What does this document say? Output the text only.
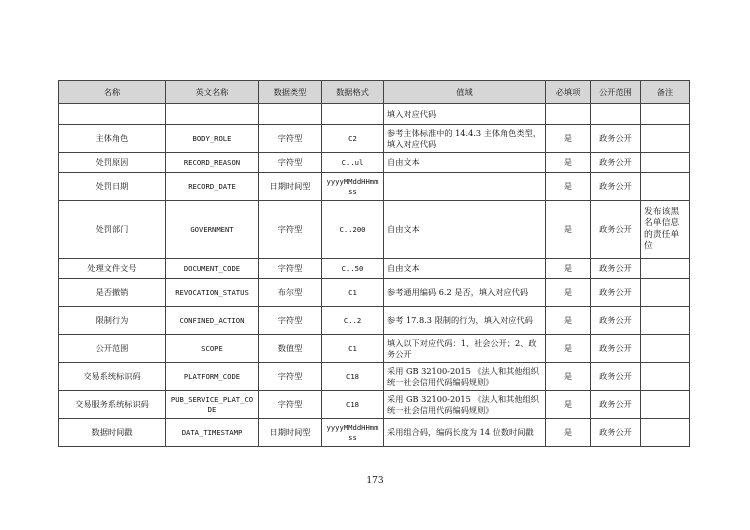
名称	英文名称	数据类型	数据格式	值域	必填项	公开范围	备注
				填入对应代码			
主体角色	BODY_ROLE	字符型	C2	参考主体标准中的 14.4.3 主体角色类型，填入对应代码	是	政务公开	
处罚原因	RECORD_REASON	字符型	C..ul	自由文本	是	政务公开	
处罚日期	RECORD_DATE	日期时间型	yyyyMMddHHmmss		是	政务公开	
处罚部门	GOVERNMENT	字符型	C..200	自由文本	是	政务公开	发布该黑名单信息的责任单位
处理文件文号	DOCUMENT_CODE	字符型	C..50	自由文本	是	政务公开	
是否撤销	REVOCATION_STATUS	布尔型	C1	参考通用编码 6.2 是否，填入对应代码	是	政务公开	
限制行为	CONFINED_ACTION	字符型	C..2	参考 17.8.3 限制的行为，填入对应代码	是	政务公开	
公开范围	SCOPE	数值型	C1	填入以下对应代码：1、社会公开；2、政务公开	是	政务公开	
交易系统标识码	PLATFORM_CODE	字符型	C18	采用 GB 32100-2015 《法人和其他组织统一社会信用代码编码规则》	是	政务公开	
交易服务系统标识码	PUB_SERVICE_PLAT_CODE	字符型	C18	采用 GB 32100-2015 《法人和其他组织统一社会信用代码编码规则》	是	政务公开	
数据时间戳	DATA_TIMESTAMP	日期时间型	yyyyMMddHHmmss	采用组合码，编码长度为 14 位数时间戳	是	政务公开	
173
